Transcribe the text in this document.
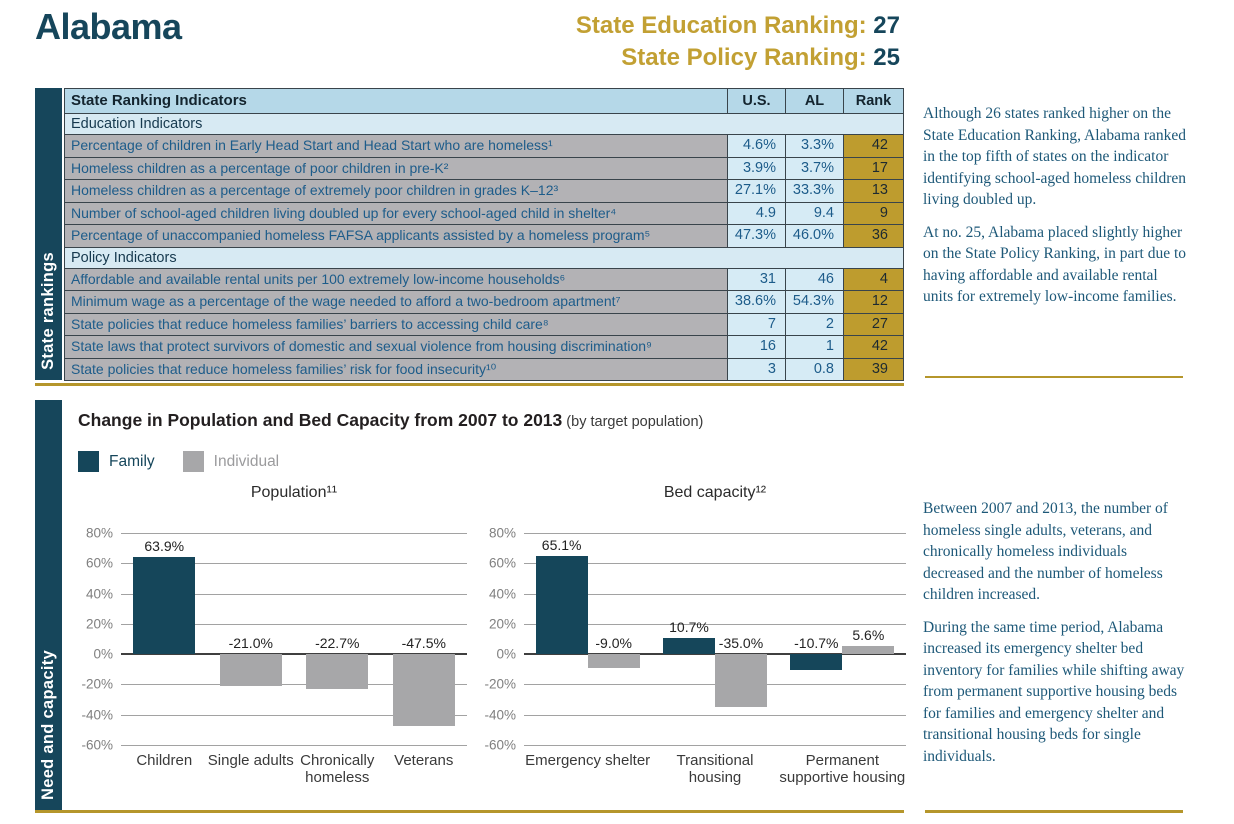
Alabama	State Education Ranking: 27
State Policy Ranking: 25
State rankings
State Ranking Indicators	U.S.	AL	Rank
Education Indicators
Percentage of children in Early Head Start and Head Start who are homeless¹	4.6%	3.3%	42
Homeless children as a percentage of poor children in pre-K²	3.9%	3.7%	17
Homeless children as a percentage of extremely poor children in grades K–12³	27.1%	33.3%	13
Number of school-aged children living doubled up for every school-aged child in shelter⁴	4.9	9.4	9
Percentage of unaccompanied homeless FAFSA applicants assisted by a homeless program⁵	47.3%	46.0%	36
Policy Indicators
Affordable and available rental units per 100 extremely low-income households⁶	31	46	4
Minimum wage as a percentage of the wage needed to afford a two-bedroom apartment⁷	38.6%	54.3%	12
State policies that reduce homeless families’ barriers to accessing child care⁸	7	2	27
State laws that protect survivors of domestic and sexual violence from housing discrimination⁹	16	1	42
State policies that reduce homeless families’ risk for food insecurity¹⁰	3	0.8	39

Although 26 states ranked higher on the State Education Ranking, Alabama ranked in the top fifth of states on the indicator identifying school-aged homeless children living doubled up.

At no. 25, Alabama placed slightly higher on the State Policy Ranking, in part due to having affordable and available rental units for extremely low-income families.

Need and capacity
Change in Population and Bed Capacity from 2007 to 2013 (by target population)
Family	Individual
Population¹¹
80%
60%
40%
20%
0%
-20%
-40%
-60%
63.9%
-21.0%	-22.7%	-47.5%
Children	Single adults Chronically homeless
Veterans
Bed capacity¹²
80%
60%
40%
20%
0%
-20%
-40%
-60%
65.1%
-9.0%
10.7%
-35.0% -10.7%
5.6%
Emergency shelter	Transitional housing
Permanent supportive housing

Between 2007 and 2013, the number of homeless single adults, veterans, and chronically homeless individuals decreased and the number of homeless children increased.

During the same time period, Alabama increased its emergency shelter bed inventory for families while shifting away from permanent supportive housing beds for families and emergency shelter and transitional housing beds for single individuals.
